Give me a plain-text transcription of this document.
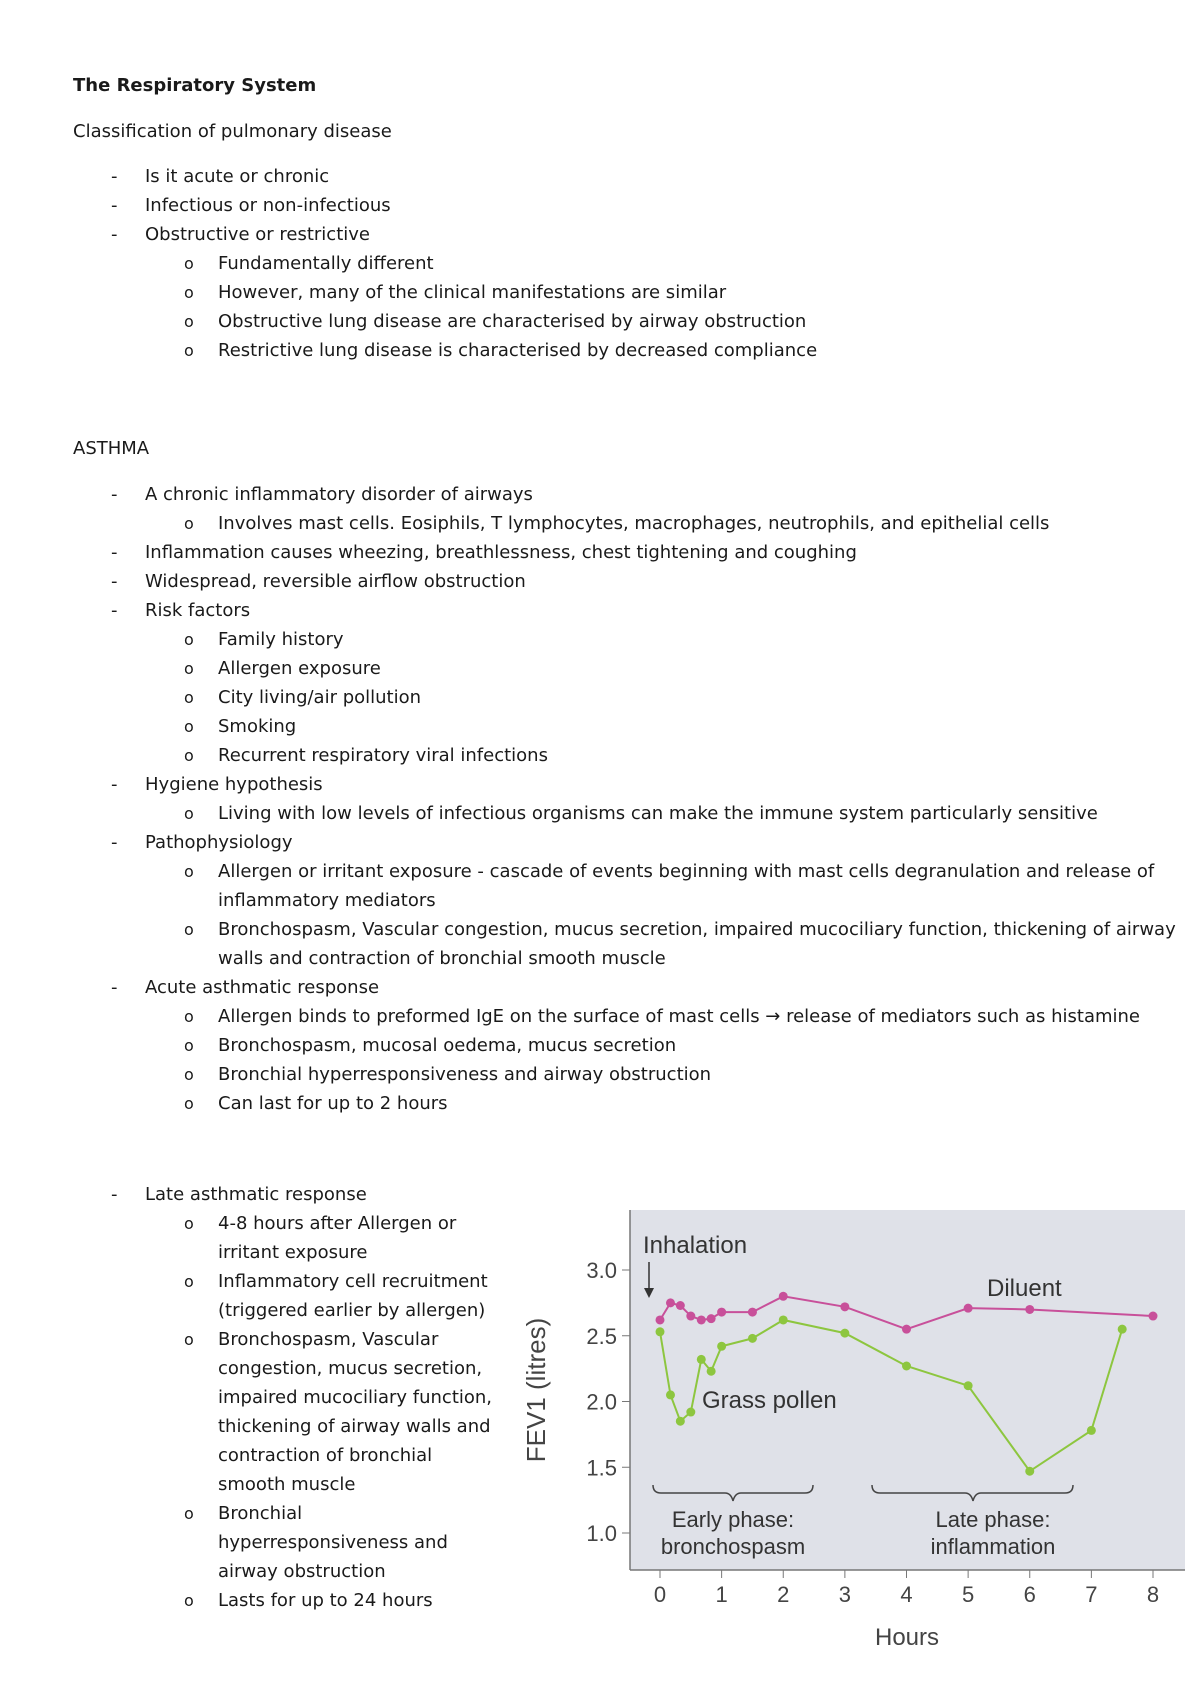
The Respiratory System
Classification of pulmonary disease
- Is it acute or chronic
- Infectious or non-infectious
- Obstructive or restrictive
o Fundamentally different
o However, many of the clinical manifestations are similar
o Obstructive lung disease are characterised by airway obstruction
o Restrictive lung disease is characterised by decreased compliance
ASTHMA
- A chronic inflammatory disorder of airways
o Involves mast cells. Eosiphils, T lymphocytes, macrophages, neutrophils, and epithelial cells
- Inflammation causes wheezing, breathlessness, chest tightening and coughing
- Widespread, reversible airflow obstruction
- Risk factors
o Family history
o Allergen exposure
o City living/air pollution
o Smoking
o Recurrent respiratory viral infections
- Hygiene hypothesis
o Living with low levels of infectious organisms can make the immune system particularly sensitive
- Pathophysiology
o Allergen or irritant exposure - cascade of events beginning with mast cells degranulation and release of inflammatory mediators
o Bronchospasm, Vascular congestion, mucus secretion, impaired mucociliary function, thickening of airway walls and contraction of bronchial smooth muscle
- Acute asthmatic response
o Allergen binds to preformed IgE on the surface of mast cells → release of mediators such as histamine
o Bronchospasm, mucosal oedema, mucus secretion
o Bronchial hyperresponsiveness and airway obstruction
o Can last for up to 2 hours
- Late asthmatic response
o 4-8 hours after Allergen or irritant exposure
o Inflammatory cell recruitment (triggered earlier by allergen)
o Bronchospasm, Vascular congestion, mucus secretion, impaired mucociliary function, thickening of airway walls and contraction of bronchial smooth muscle
o Bronchial hyperresponsiveness and airway obstruction
o Lasts for up to 24 hours
3.0
2.5
2.0
1.5
1.0
0 1 2 3 4 5 6 7 8
FEV1 (litres)
Hours
Inhalation
Diluent
Grass pollen
Early phase:
bronchospasm
Late phase:
inflammation
